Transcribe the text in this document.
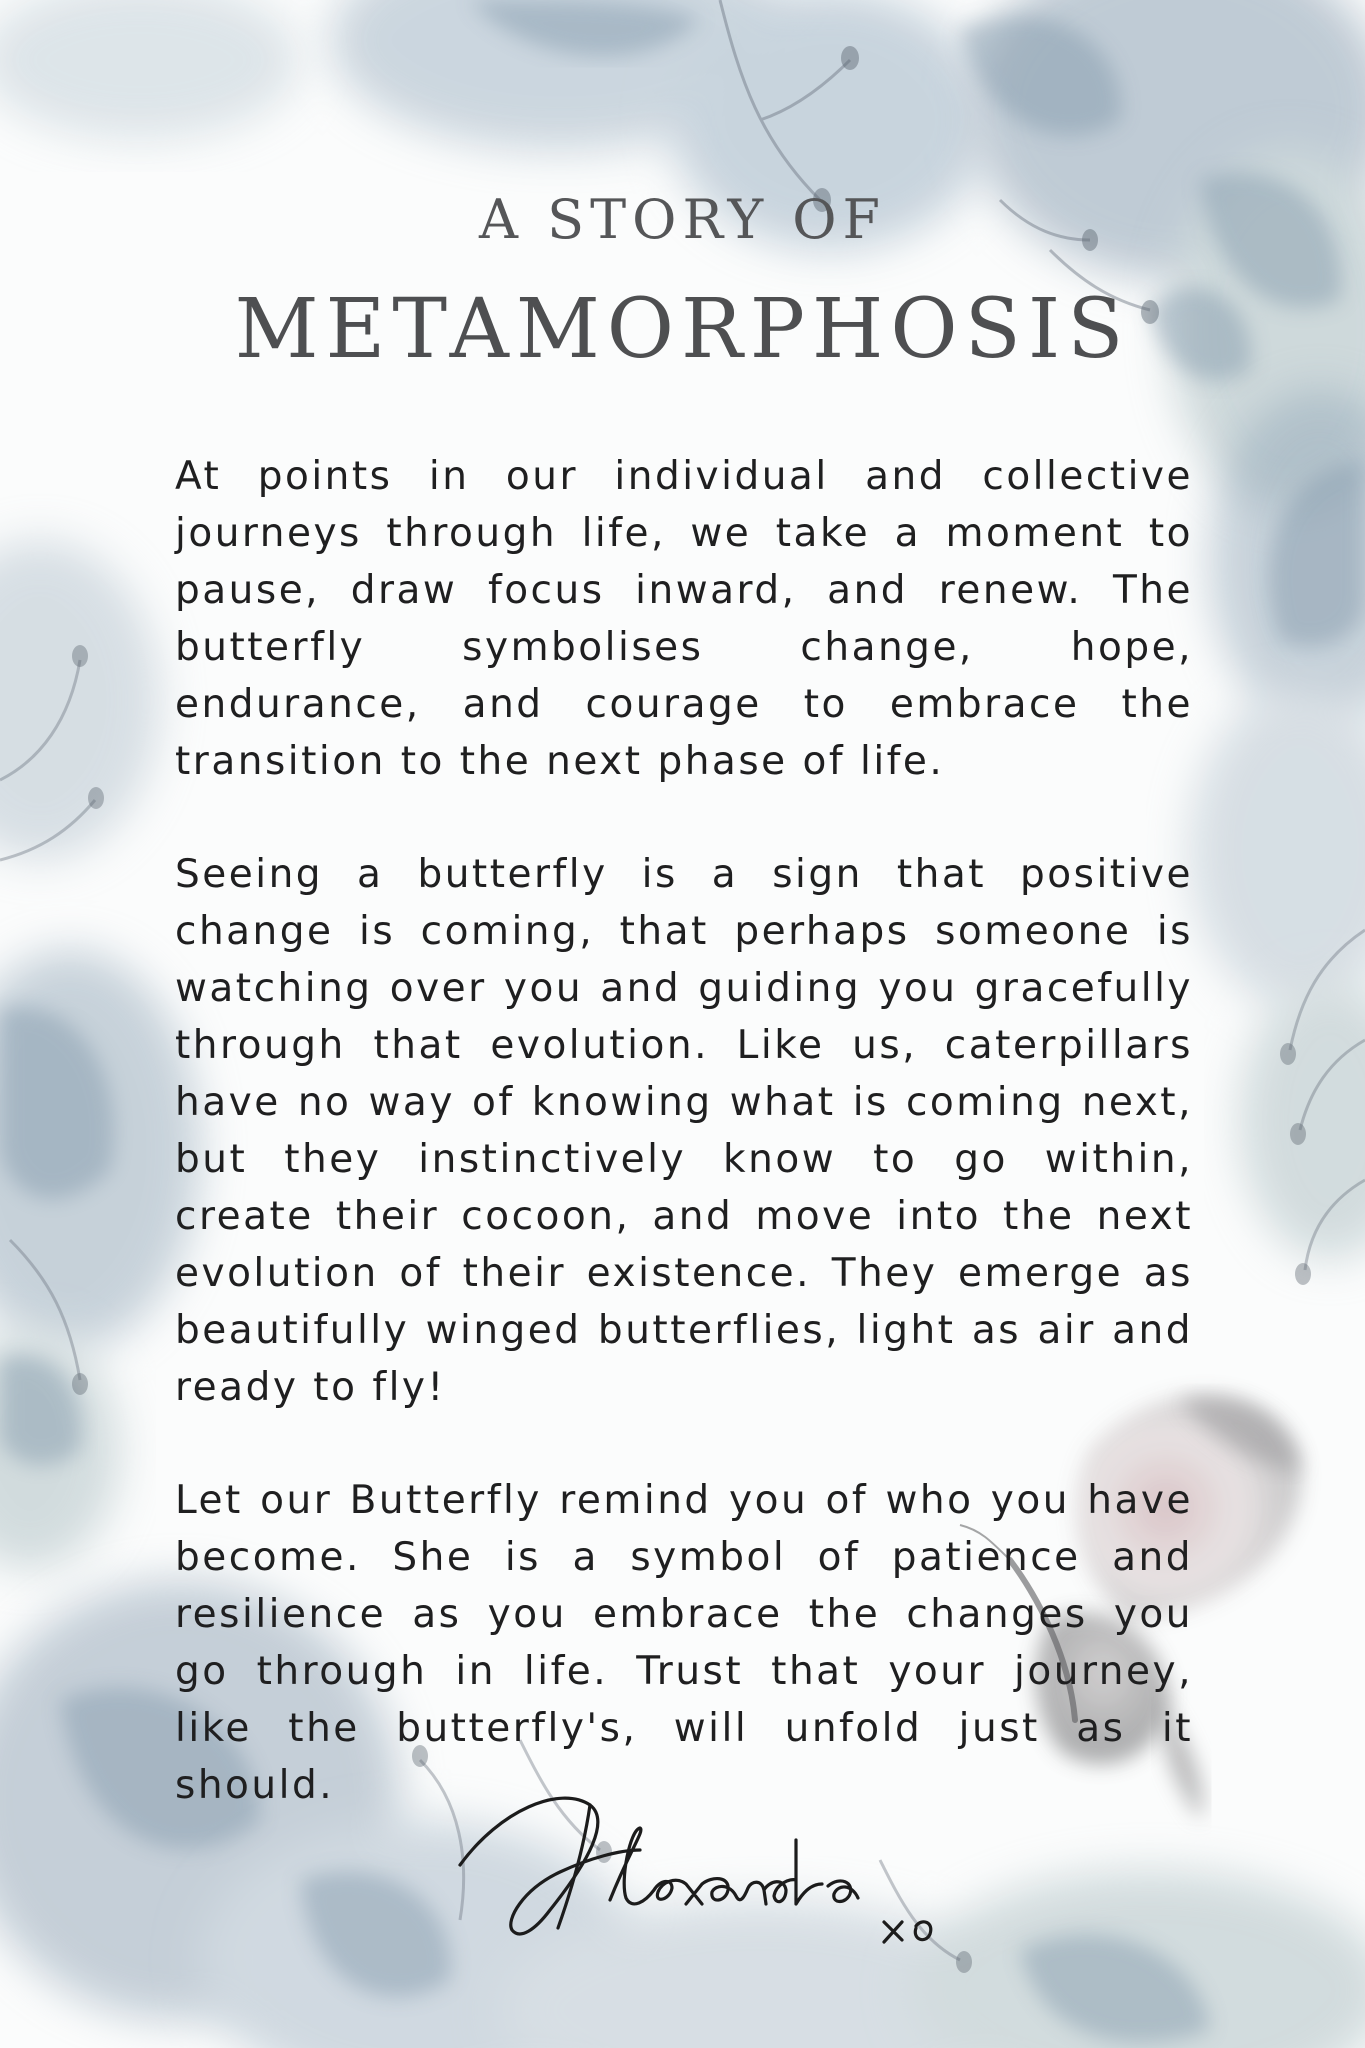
A STORY OF
METAMORPHOSIS

At points in our individual and collective journeys through life, we take a moment to pause, draw focus inward, and renew. The butterfly symbolises change, hope, endurance, and courage to embrace the transition to the next phase of life.

Seeing a butterfly is a sign that positive change is coming, that perhaps someone is watching over you and guiding you gracefully through that evolution. Like us, caterpillars have no way of knowing what is coming next, but they instinctively know to go within, create their cocoon, and move into the next evolution of their existence. They emerge as beautifully winged butterflies, light as air and ready to fly!

Let our Butterfly remind you of who you have become. She is a symbol of patience and resilience as you embrace the changes you go through in life. Trust that your journey, like the butterfly's, will unfold just as it should.
